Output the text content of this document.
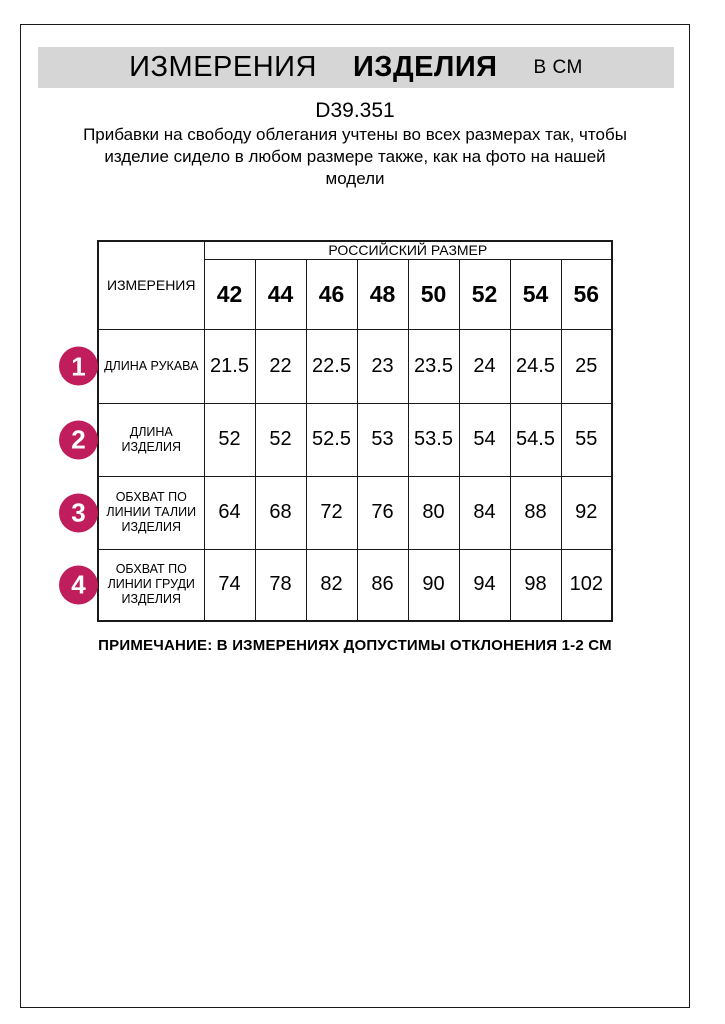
ИЗМЕРЕНИЯ ИЗДЕЛИЯ В СМ
D39.351
Прибавки на свободу облегания учтены во всех размерах так, чтобы изделие сидело в любом размере также, как на фото на нашей модели
ИЗМЕРЕНИЯ	РОССИЙСКИЙ РАЗМЕР							
	42	44	46	48	50	52	54	56

1 ДЛИНА РУКАВА	21.5	22	22.5	23	23.5	24	24.5	25

2 ДЛИНА ИЗДЕЛИЯ	52	52	52.5	53	53.5	54	54.5	55

3
ОБХВАТ ПО ЛИНИИ ТАЛИИ ИЗДЕЛИЯ	64	68	72	76	80	84	88	92

4
ОБХВАТ ПО ЛИНИИ ГРУДИ ИЗДЕЛИЯ	74	78	82	86	90	94	98	102
ПРИМЕЧАНИЕ: В ИЗМЕРЕНИЯХ ДОПУСТИМЫ ОТКЛОНЕНИЯ 1-2 СМ
